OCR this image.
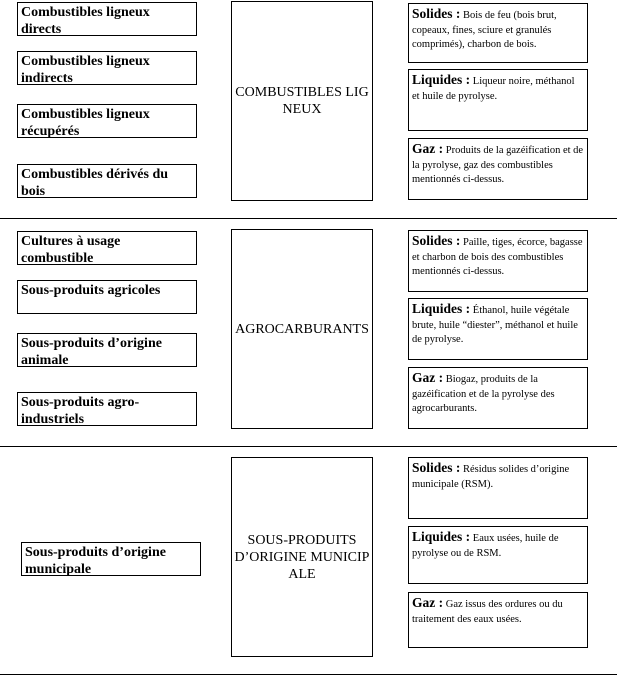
Combustibles ligneux directs
Combustibles ligneux indirects
Combustibles ligneux récupérés
Combustibles dérivés du bois
COMBUSTIBLES LIGNEUX
Solides : Bois de feu (bois brut, copeaux, fines, sciure et granulés comprimés), charbon de bois.
Liquides : Liqueur noire, méthanol et huile de pyrolyse.
Gaz : Produits de la gazéification et de la pyrolyse, gaz des combustibles mentionnés ci-dessus.
Cultures à usage combustible
Sous-produits agricoles
Sous-produits d’origine animale
Sous-produits agro-industriels
AGROCARBURANTS
Solides : Paille, tiges, écorce, bagasse et charbon de bois des combustibles mentionnés ci-dessus.
Liquides : Éthanol, huile végétale brute, huile “diester”, méthanol et huile de pyrolyse.
Gaz : Biogaz, produits de la gazéification et de la pyrolyse des agrocarburants.
Sous-produits d’origine municipale
SOUS-PRODUITS D’ORIGINE MUNICIPALE
Solides : Résidus solides d’origine municipale (RSM).
Liquides : Eaux usées, huile de pyrolyse ou de RSM.
Gaz : Gaz issus des ordures ou du traitement des eaux usées.
